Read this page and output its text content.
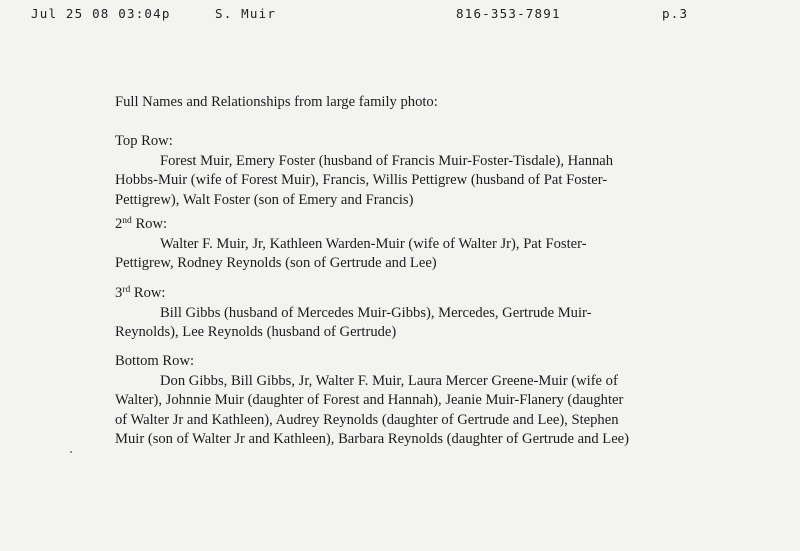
Jul 25 08 03:04p	S. Muir	816-353-7891	p.3
Full Names and Relationships from large family photo:
Top Row:
Forest Muir, Emery Foster (husband of Francis Muir-Foster-Tisdale), Hannah
Hobbs-Muir (wife of Forest Muir), Francis, Willis Pettigrew (husband of Pat Foster-
Pettigrew), Walt Foster (son of Emery and Francis)
2nd Row:
Walter F. Muir, Jr, Kathleen Warden-Muir (wife of Walter Jr), Pat Foster-
Pettigrew, Rodney Reynolds (son of Gertrude and Lee)
3rd Row:
Bill Gibbs (husband of Mercedes Muir-Gibbs), Mercedes, Gertrude Muir-
Reynolds), Lee Reynolds (husband of Gertrude)
Bottom Row:
Don Gibbs, Bill Gibbs, Jr, Walter F. Muir, Laura Mercer Greene-Muir (wife of
Walter), Johnnie Muir (daughter of Forest and Hannah), Jeanie Muir-Flanery (daughter
of Walter Jr and Kathleen), Audrey Reynolds (daughter of Gertrude and Lee), Stephen
Muir (son of Walter Jr and Kathleen), Barbara Reynolds (daughter of Gertrude and Lee)
